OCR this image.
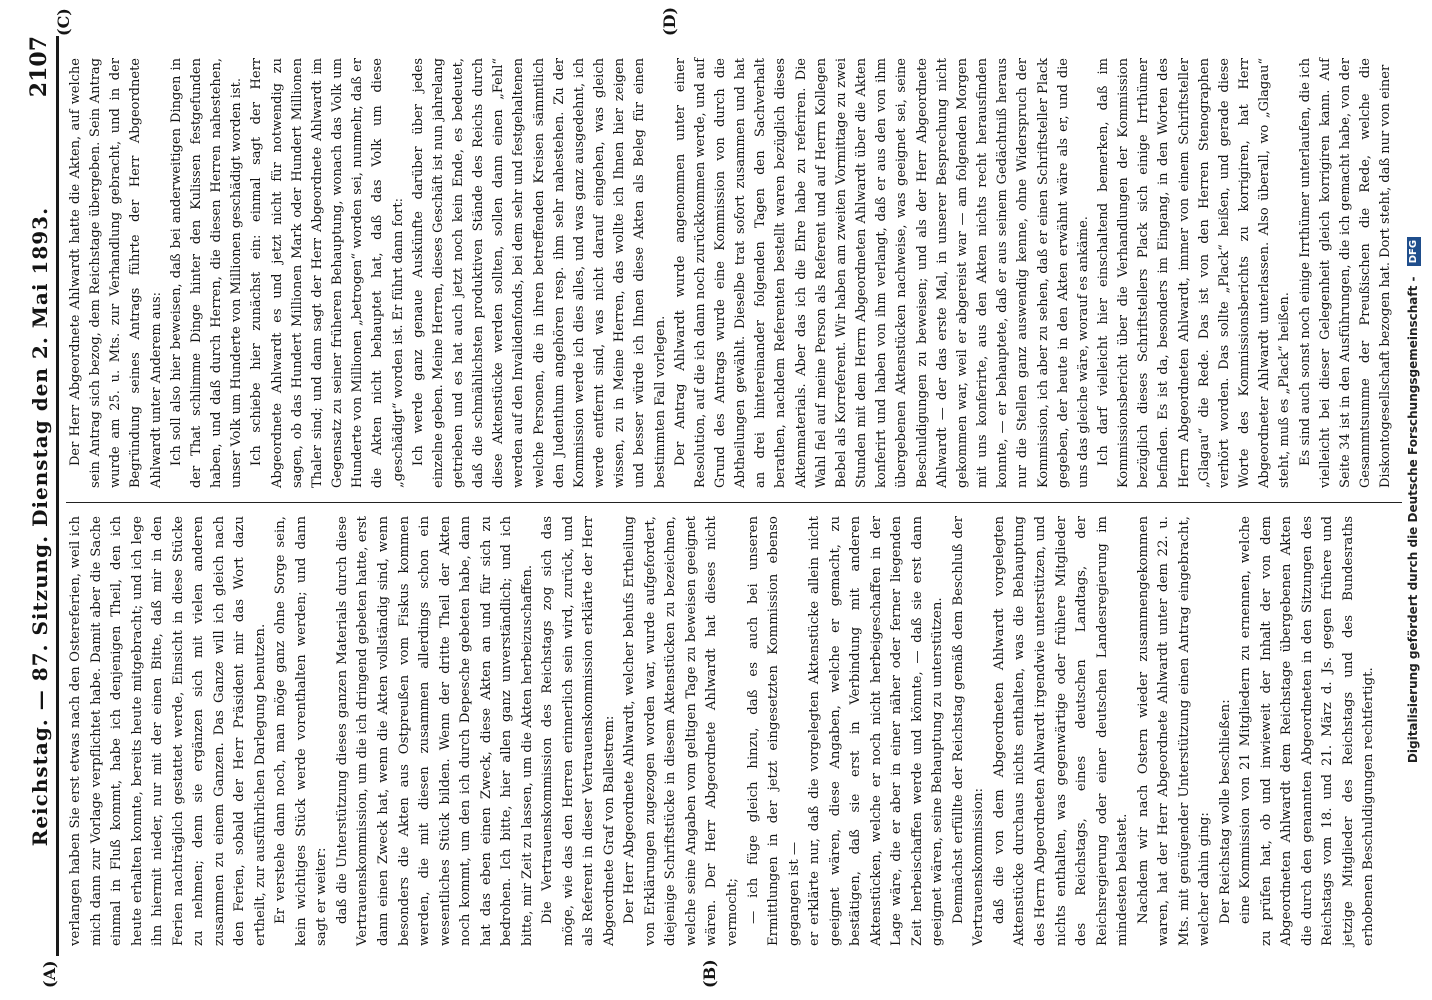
Reichstag. — 87. Sitzung. Dienstag den 2. Mai 1893.
2107
(A)	(B)
(C)	(D)

verlangen haben Sie erst etwas nach den Ostereferien, weil ich mich dann zur Vorlage verpflichtet habe. Damit aber die Sache einmal in Fluß kommt, habe ich denjenigen Theil, den ich heute erhalten konnte, bereits heute mitgebracht; und ich lege ihn hiermit nieder, nur mit der einen Bitte, daß mir in den Ferien nachträglich gestattet werde, Einsicht in diese Stücke zu nehmen; denn sie ergänzen sich mit vielen anderen zusammen zu einem Ganzen. Das Ganze will ich gleich nach den Ferien, sobald der Herr Präsident mir das Wort dazu ertheilt, zur ausführlichen Darlegung benutzen. Er verstehe dann noch, man möge ganz ohne Sorge sein, kein wichtiges Stück werde vorenthalten werden; und dann sagt er weiter: daß die Unterstützung dieses ganzen Materials durch diese Vertrauenskommission, um die ich dringend gebeten hatte, erst dann einen Zweck hat, wenn die Akten vollständig sind, wenn besonders die Akten aus Ostpreußen vom Fiskus kommen werden, die mit diesen zusammen allerdings schon ein wesentliches Stück bilden. Wenn der dritte Theil der Akten noch kommt, um den ich durch Depesche gebeten habe, dann hat das eben einen Zweck, diese Akten an und für sich zu bedrohen. Ich bitte, hier allen ganz unverständlich; und ich bitte, mir Zeit zu lassen, um die Akten herbeizuschaffen. Die Vertrauenskommission des Reichstags zog sich das möge, wie das den Herren erinnerlich sein wird, zurück, und als Referent in dieser Vertrauenskommission erklärte der Herr Abgeordnete Graf von Ballestrem: Der Herr Abgeordnete Ahlwardt, welcher behufs Ertheilung von Erklärungen zugezogen worden war, wurde aufgefordert, diejenige Schriftstücke in diesem Aktenstücken zu bezeichnen, welche seine Angaben vom geltigen Tage zu beweisen geeignet wären. Der Herr Abgeordnete Ahlwardt hat dieses nicht vermocht; — ich füge gleich hinzu, daß es auch bei unseren Ermittlungen in der jetzt eingesetzten Kommission ebenso gegangen ist — er erklärte nur, daß die vorgelegten Aktenstücke allein nicht geeignet wären, diese Angaben, welche er gemacht, zu bestätigen, daß sie erst in Verbindung mit anderen Aktenstücken, welche er noch nicht herbeigeschaffen in der Lage wäre, die er aber in einer näher oder ferner liegenden Zeit herbeischaffen werde und könnte, — daß sie erst dann geeignet wären, seine Behauptung zu unterstützen. Demnächst erfüllte der Reichstag gemäß dem Beschluß der Vertrauenskommission: daß die von dem Abgeordneten Ahlwardt vorgelegten Aktenstücke durchaus nichts enthalten, was die Behauptung des Herrn Abgeordneten Ahlwardt irgendwie unterstützen, und nichts enthalten, was gegenwärtige oder frühere Mitglieder des Reichstags, eines deutschen Landtags, der Reichsregierung oder einer deutschen Landesregierung im mindesten belastet. Nachdem wir nach Ostern wieder zusammengekommen waren, hat der Herr Abgeordnete Ahlwardt unter dem 22. u. Mts. mit genügender Unterstützung einen Antrag eingebracht, welcher dahin ging: Der Reichstag wolle beschließen: eine Kommission von 21 Mitgliedern zu ernennen, welche zu prüfen hat, ob und inwieweit der Inhalt der von dem Abgeordneten Ahlwardt dem Reichstage übergebenen Akten die durch den genannten Abgeordneten in den Sitzungen des Reichstags vom 18. und 21. März d. Js. gegen frühere und jetzige Mitglieder des Reichstags und des Bundesraths erhobenen Beschuldigungen rechtfertigt.

Der Herr Abgeordnete Ahlwardt hatte die Akten, auf welche sein Antrag sich bezog, dem Reichstage übergeben. Sein Antrag wurde am 25. u. Mts. zur Verhandlung gebracht, und in der Begründung seines Antrags führte der Herr Abgeordnete Ahlwardt unter Anderem aus: Ich soll also hier beweisen, daß bei anderweitigen Dingen in der That schlimme Dinge hinter den Kulissen festgefunden haben, und daß durch Herren, die diesen Herren nahestehen, unser Volk um Hunderte von Millionen geschädigt worden ist. Ich schiebe hier zunächst ein: einmal sagt der Herr Abgeordnete Ahlwardt es und jetzt nicht für notwendig zu sagen, ob das Hundert Millionen Mark oder Hundert Millionen Thaler sind; und dann sagt der Herr Abgeordnete Ahlwardt im Gegensatz zu seiner früheren Behauptung, wonach das Volk um Hunderte von Millionen „betrogen“ worden sei, nunmehr, daß er die Akten nicht behauptet hat, daß das Volk um diese „geschädigt“ worden ist. Er führt dann fort: Ich werde ganz genaue Auskünfte darüber über jedes einzelne geben. Meine Herren, dieses Geschäft ist nun jahrelang getrieben und es hat auch jetzt noch kein Ende, es bedeutet, daß die schmählichsten produktiven Stände des Reichs durch diese Aktenstücke werden sollten, sollen dann einen „Fehl“ werden auf den Invalidenfonds, bei dem sehr und festgehaltenen welche Personen, die in ihren betreffenden Kreisen sämmtlich den Judenthum angehören resp. ihm sehr nahestehen. Zu der Kommission werde ich dies alles, und was ganz ausgedehnt, ich werde entfernt sind, was nicht darauf eingehen, was gleich wissen, zu in Meine Herren, das wollte ich Ihnen hier zeigen und besser würde ich Ihnen diese Akten als Beleg für einen bestimmten Fall vorlegen. Der Antrag Ahlwardt wurde angenommen unter einer Resolution, auf die ich dann noch zurückkommen werde, und auf Grund des Antrags wurde eine Kommission von durch die Abtheilungen gewählt. Dieselbe trat sofort zusammen und hat an drei hintereinander folgenden Tagen den Sachverhalt berathen, nachdem Referenten bestellt waren bezüglich dieses Aktenmaterials. Aber das ich die Ehre habe zu referiren. Die Wahl fiel auf meine Person als Referent und auf Herrn Kollegen Bebel als Korreferent. Wir haben am zweiten Vormittage zu zwei Stunden mit dem Herrn Abgeordneten Ahlwardt über die Akten konferirt und haben von ihm verlangt, daß er aus den von ihm übergebenen Aktenstücken nachweise, was geeignet sei, seine Beschuldigungen zu beweisen; und als der Herr Abgeordnete Ahlwardt — der das erste Mal, in unserer Besprechung nicht gekommen war, weil er abgereist war — am folgenden Morgen mit uns konferirte, aus den Akten nichts recht herausfinden konnte, — er behauptete, daß er aus seinem Gedächtniß heraus nur die Stellen ganz auswendig kenne, ohne Widerspruch der Kommission, ich aber zu sehen, daß er einen Schriftsteller Plack gegeben, der heute in den Akten erwähnt wäre als er, und die uns das gleiche wäre, worauf es ankäme. Ich darf vielleicht hier einschaltend bemerken, daß im Kommissionsbericht über die Verhandlungen der Kommission bezüglich dieses Schriftstellers Plack sich einige Irrthümer befinden. Es ist da, besonders im Eingang, in den Worten des Herrn Abgeordneten Ahlwardt, immer von einem Schriftsteller „Glagau“ die Rede. Das ist von den Herren Stenographen verhört worden. Das sollte „Plack“ heißen, und gerade diese Worte des Kommissionsberichts zu korrigiren, hat Herr Abgeordneter Ahlwardt unterlassen. Also überall, wo „Glagau“ steht, muß es „Plack“ heißen. Es sind auch sonst noch einige Irrthümer unterlaufen, die ich vielleicht bei dieser Gelegenheit gleich korrigiren kann. Auf Seite 34 ist in den Ausführungen, die ich gemacht habe, von der Gesammtsumme der Preußischen die Rede, welche die Diskontogesellschaft bezogen hat. Dort steht, daß nur von einer

Digitalisierung gefördert durch die Deutsche Forschungsgemeinschaft - DFG
